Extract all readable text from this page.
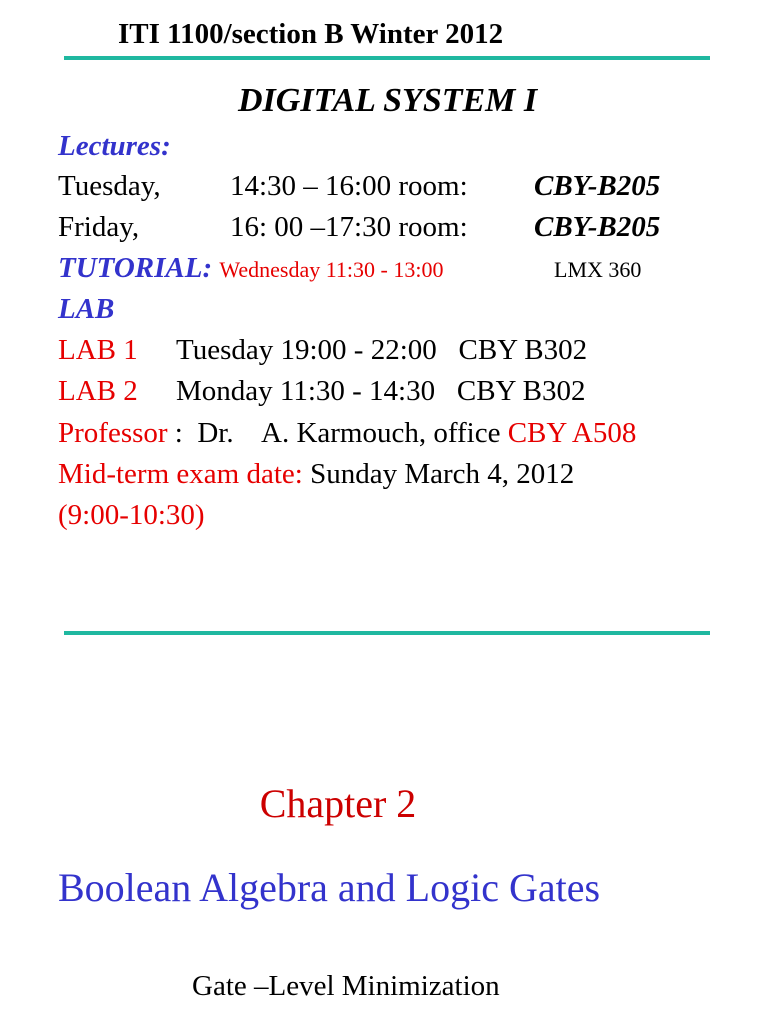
ITI 1100/section B Winter 2012
DIGITAL SYSTEM I
Lectures:
Tuesday, 14:30 – 16:00 room: CBY-B205
Friday,	16: 00 –17:30 room: CBY-B205
TUTORIAL: Wednesday 11:30 - 13:00	LMX 360
LAB
LAB 1 Tuesday 19:00 - 22:00   CBY B302
LAB 2 Monday 11:30 - 14:30   CBY B302
Professor :  Dr.    A. Karmouch, office CBY A508
Mid-term exam date: Sunday March 4, 2012
(9:00-10:30)
Chapter 2
Boolean Algebra and Logic Gates
Gate –Level Minimization
